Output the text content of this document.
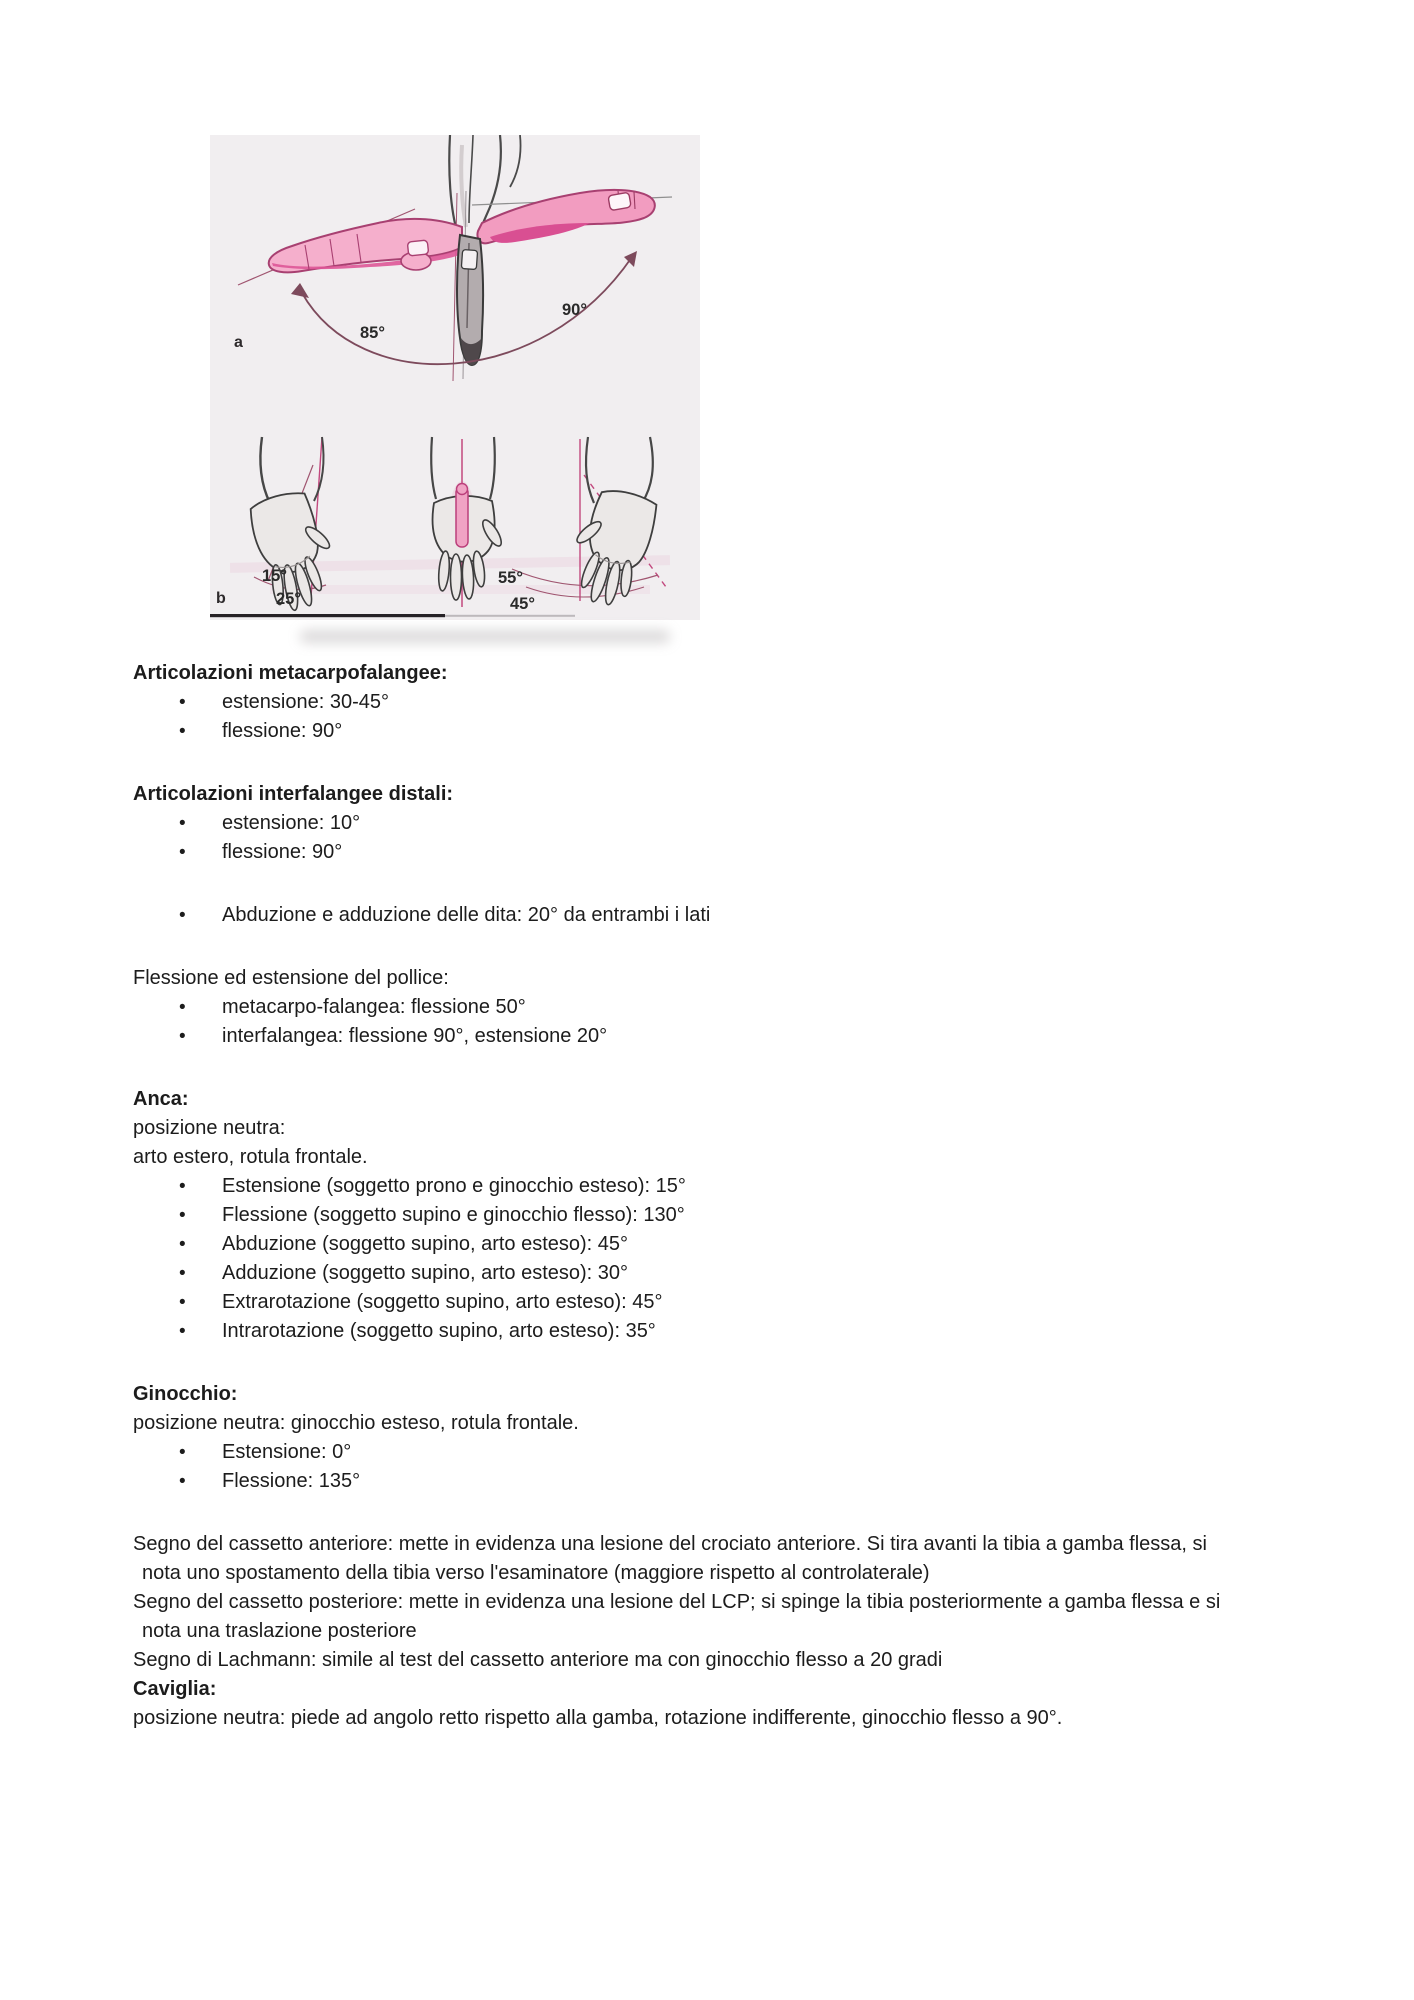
85°
90°
a
15°
25°
55°
45°
b
Articolazioni metacarpofalangee:
• estensione: 30-45°
• flessione: 90°
Articolazioni interfalangee distali:
• estensione: 10°
• flessione: 90°
• Abduzione e adduzione delle dita: 20° da entrambi i lati
Flessione ed estensione del pollice:
• metacarpo-falangea: flessione 50°
• interfalangea: flessione 90°, estensione 20°
Anca:
posizione neutra:
arto estero, rotula frontale.
• Estensione (soggetto prono e ginocchio esteso): 15°
• Flessione (soggetto supino e ginocchio flesso): 130°
• Abduzione (soggetto supino, arto esteso): 45°
• Adduzione (soggetto supino, arto esteso): 30°
• Extrarotazione (soggetto supino, arto esteso): 45°
• Intrarotazione (soggetto supino, arto esteso): 35°
Ginocchio:
posizione neutra: ginocchio esteso, rotula frontale.
• Estensione: 0°
• Flessione: 135°

Segno del cassetto anteriore: mette in evidenza una lesione del crociato anteriore. Si tira avanti la tibia a gamba flessa, si
nota uno spostamento della tibia verso l'esaminatore (maggiore rispetto al controlaterale)

Segno del cassetto posteriore: mette in evidenza una lesione del LCP; si spinge la tibia posteriormente a gamba flessa e si
nota una traslazione posteriore

Segno di Lachmann: simile al test del cassetto anteriore ma con ginocchio flesso a 20 gradi

Caviglia:
posizione neutra: piede ad angolo retto rispetto alla gamba, rotazione indifferente, ginocchio flesso a 90°.
